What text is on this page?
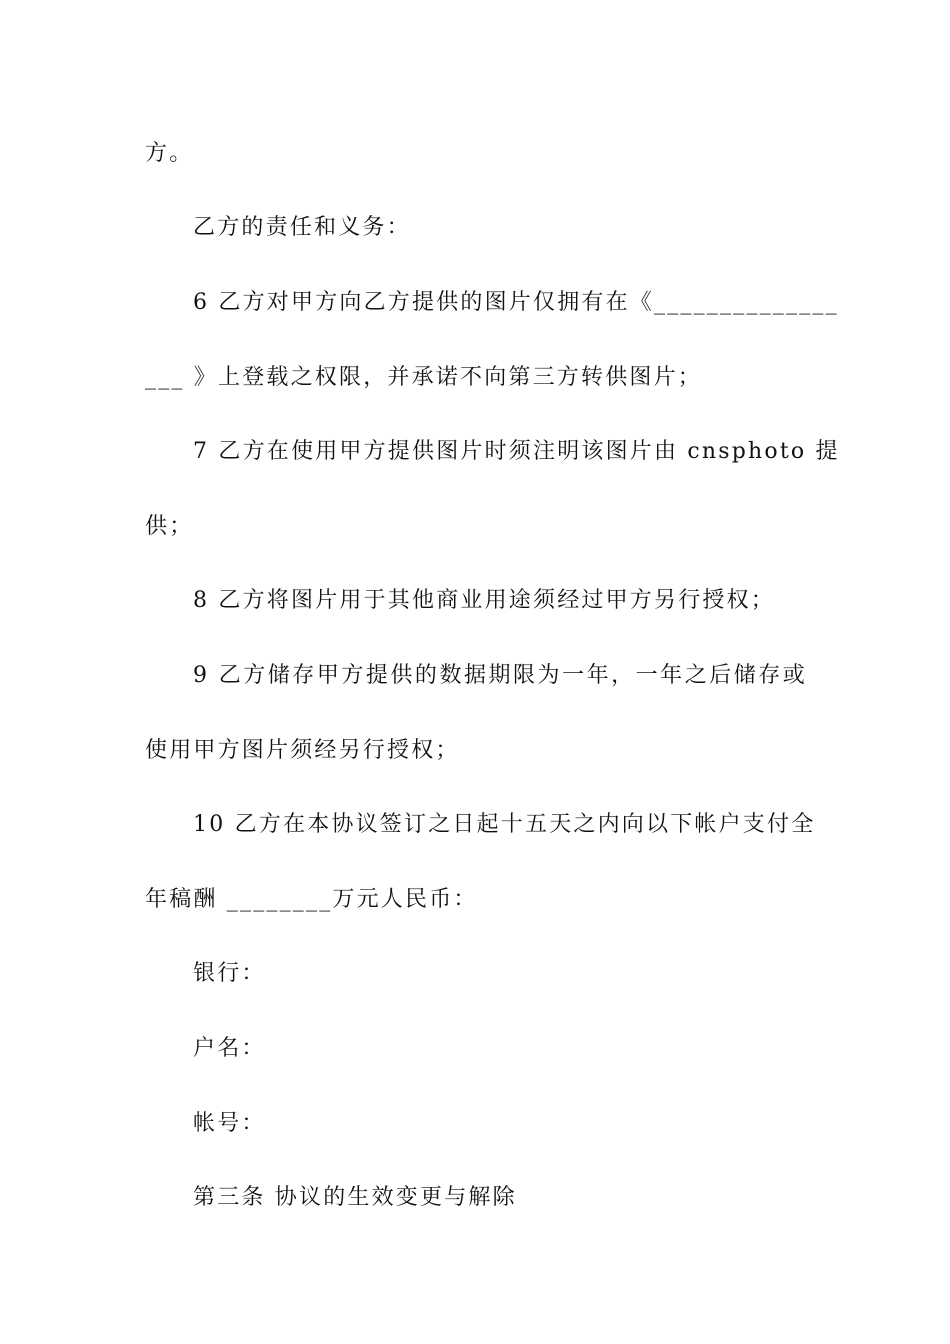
方。
乙方的责任和义务：
6 乙方对甲方向乙方提供的图片仅拥有在《______________
___ 》上登载之权限，并承诺不向第三方转供图片；
7 乙方在使用甲方提供图片时须注明该图片由 cnsphoto 提
供；
8 乙方将图片用于其他商业用途须经过甲方另行授权；
9 乙方储存甲方提供的数据期限为一年，一年之后储存或
使用甲方图片须经另行授权；
10 乙方在本协议签订之日起十五天之内向以下帐户支付全
年稿酬 ________万元人民币：
银行：
户名：
帐号：
第三条 协议的生效变更与解除
